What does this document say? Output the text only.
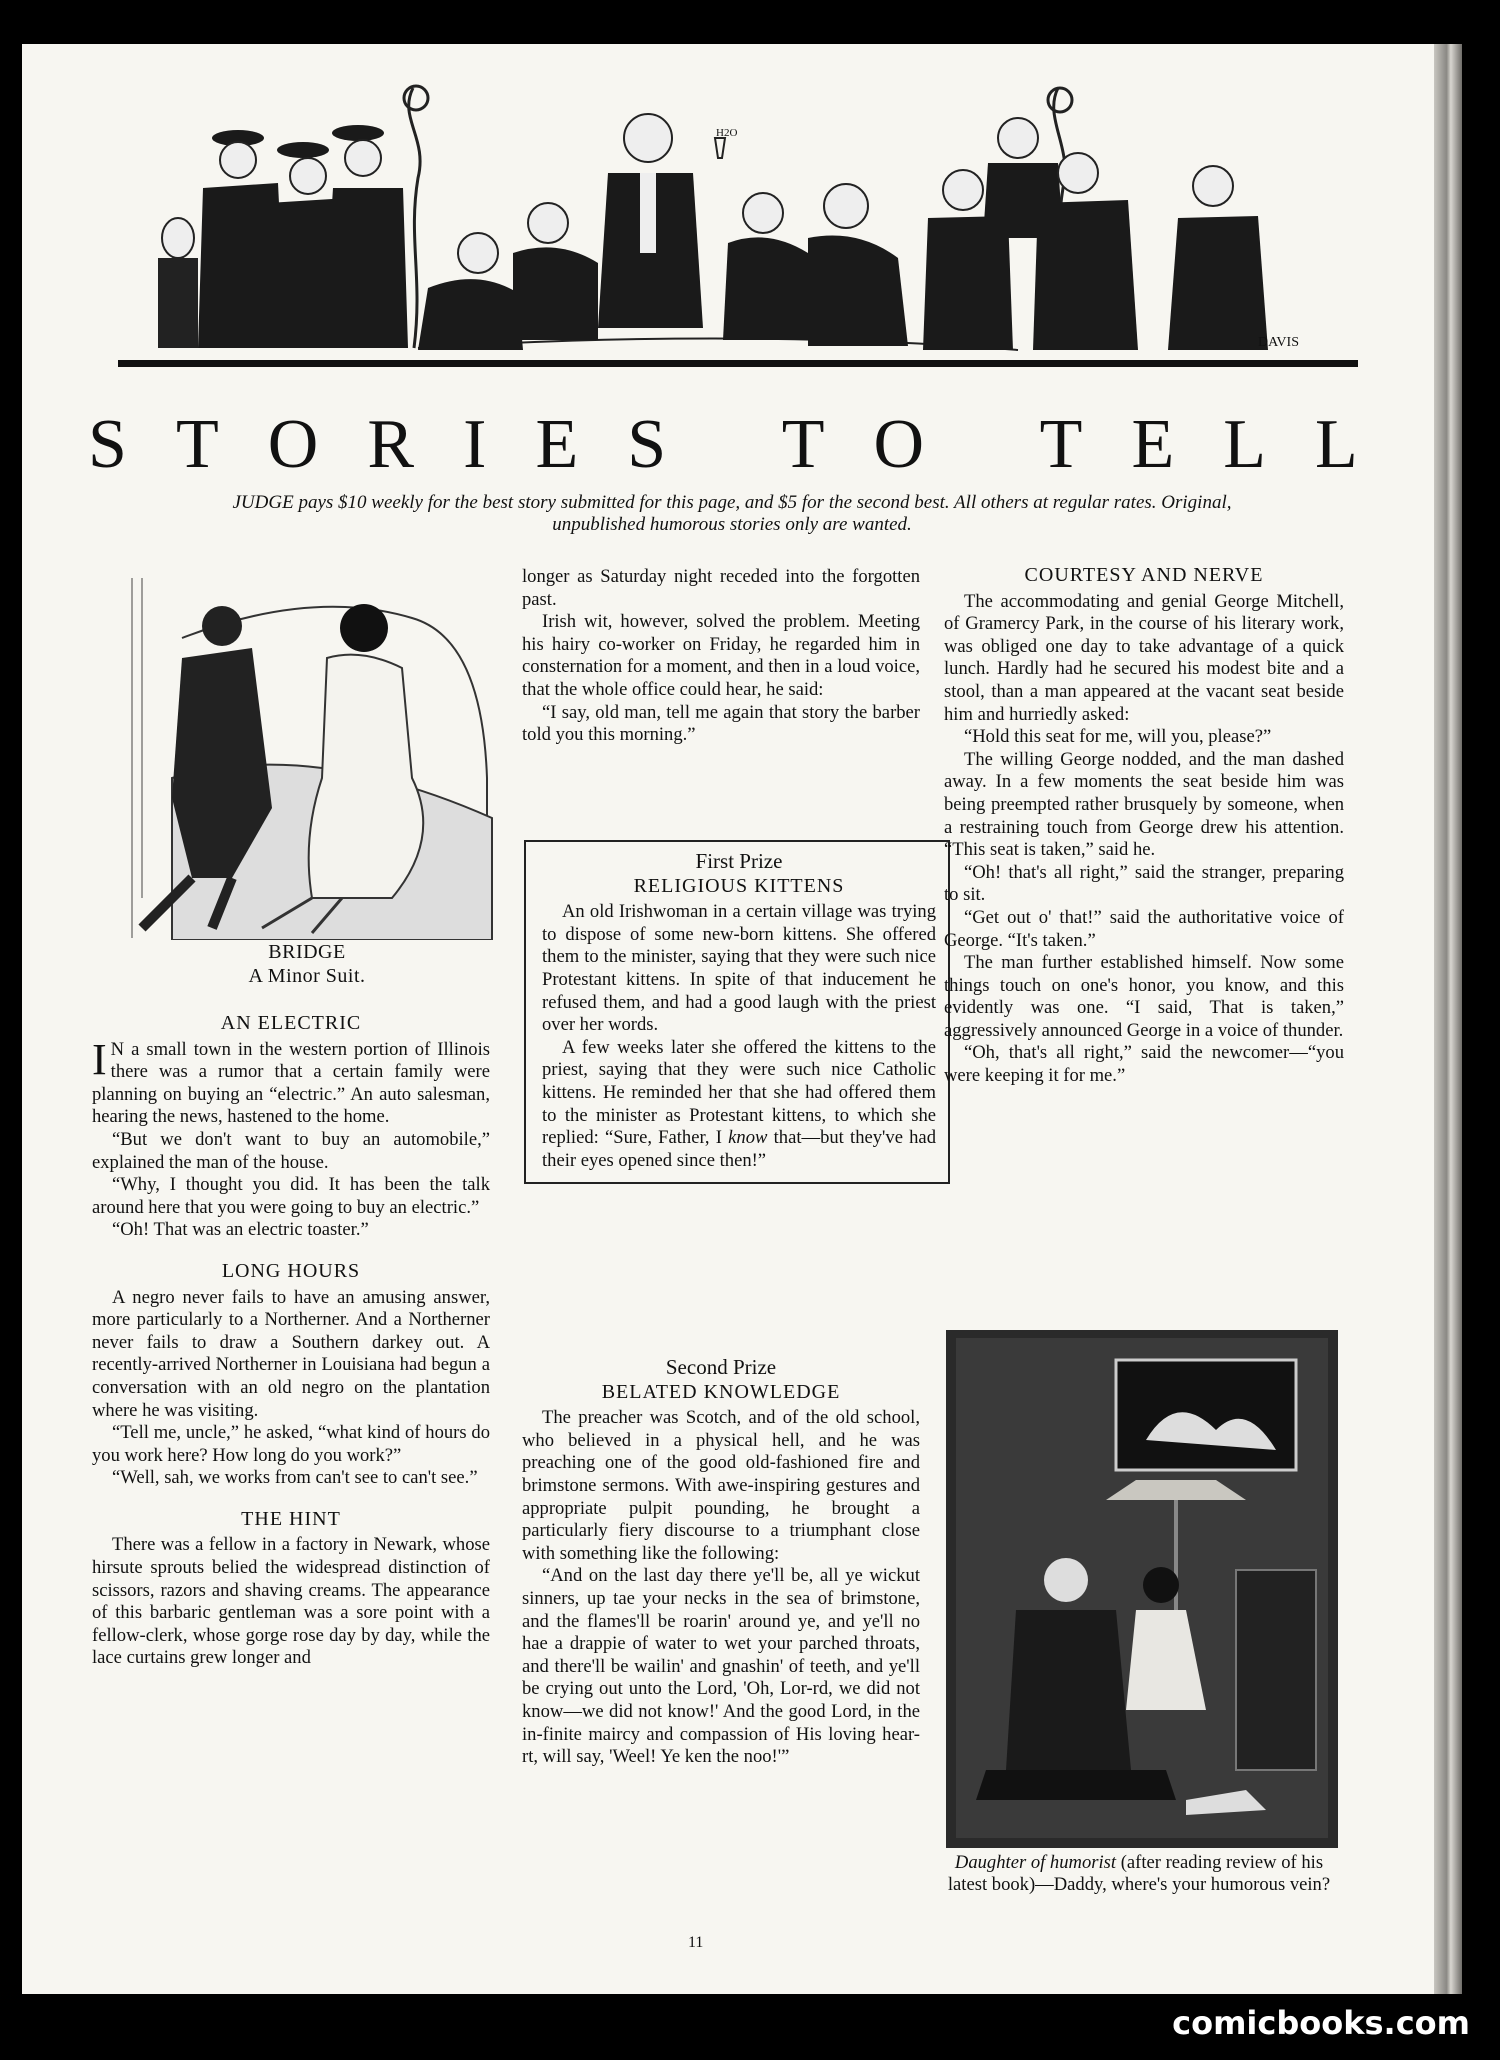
H2O
DAVIS
S T O R I E S
T O
T E L L
JUDGE pays $10 weekly for the best story submitted for this page, and $5 for the second best. All others at regular rates. Original, unpublished humorous stories only are wanted.
BRIDGE
A Minor Suit.
AN ELECTRIC

I N a small town in the western portion of Illinois there was a rumor that a certain family were planning on buying an “electric.” An auto salesman, hearing the news, hastened to the home.

“But we don't want to buy an automobile,” explained the man of the house.

“Why, I thought you did. It has been the talk around here that you were going to buy an electric.”

“Oh! That was an electric toaster.”

LONG HOURS

A negro never fails to have an amusing answer, more particularly to a Northerner. And a Northerner never fails to draw a Southern darkey out. A recently-arrived Northerner in Louisiana had begun a conversation with an old negro on the plantation where he was visiting.

“Tell me, uncle,” he asked, “what kind of hours do you work here? How long do you work?”

“Well, sah, we works from can't see to can't see.”

THE HINT

There was a fellow in a factory in Newark, whose hirsute sprouts belied the widespread distinction of scissors, razors and shaving creams. The appearance of this barbaric gentleman was a sore point with a fellow-clerk, whose gorge rose day by day, while the lace curtains grew longer and

longer as Saturday night receded into the forgotten past.

Irish wit, however, solved the problem. Meeting his hairy co-worker on Friday, he regarded him in consternation for a moment, and then in a loud voice, that the whole office could hear, he said:

“I say, old man, tell me again that story the barber told you this morning.”

First Prize
RELIGIOUS KITTENS

An old Irishwoman in a certain village was trying to dispose of some new-born kittens. She offered them to the minister, saying that they were such nice Protestant kittens. In spite of that inducement he refused them, and had a good laugh with the priest over her words.

A few weeks later she offered the kittens to the priest, saying that they were such nice Catholic kittens. He reminded her that she had offered them to the minister as Protestant kittens, to which she replied: “Sure, Father, I know that—but they've had their eyes opened since then!”

Second Prize
BELATED KNOWLEDGE

The preacher was Scotch, and of the old school, who believed in a physical hell, and he was preaching one of the good old-fashioned fire and brimstone sermons. With awe-inspiring gestures and appropriate pulpit pounding, he brought a particularly fiery discourse to a triumphant close with something like the following:

“And on the last day there ye'll be, all ye wickut sinners, up tae your necks in the sea of brimstone, and the flames'll be roarin' around ye, and ye'll no hae a drappie of water to wet your parched throats, and there'll be wailin' and gnashin' of teeth, and ye'll be crying out unto the Lord, 'Oh, Lor-rd, we did not know—we did not know!' And the good Lord, in the in-finite maircy and compassion of His loving hear-rt, will say, 'Weel! Ye ken the noo!'”

COURTESY AND NERVE

The accommodating and genial George Mitchell, of Gramercy Park, in the course of his literary work, was obliged one day to take advantage of a quick lunch. Hardly had he secured his modest bite and a stool, than a man appeared at the vacant seat beside him and hurriedly asked:

“Hold this seat for me, will you, please?”

The willing George nodded, and the man dashed away. In a few moments the seat beside him was being preempted rather brusquely by someone, when a restraining touch from George drew his attention. “This seat is taken,” said he.

“Oh! that's all right,” said the stranger, preparing to sit.

“Get out o' that!” said the authoritative voice of George. “It's taken.”

The man further established himself. Now some things touch on one's honor, you know, and this evidently was one. “I said, That is taken,” aggressively announced George in a voice of thunder.

“Oh, that's all right,” said the newcomer—“you were keeping it for me.”

Daughter of humorist (after reading review of his latest book)—Daddy, where's your humorous vein?
11
comicbooks.com
